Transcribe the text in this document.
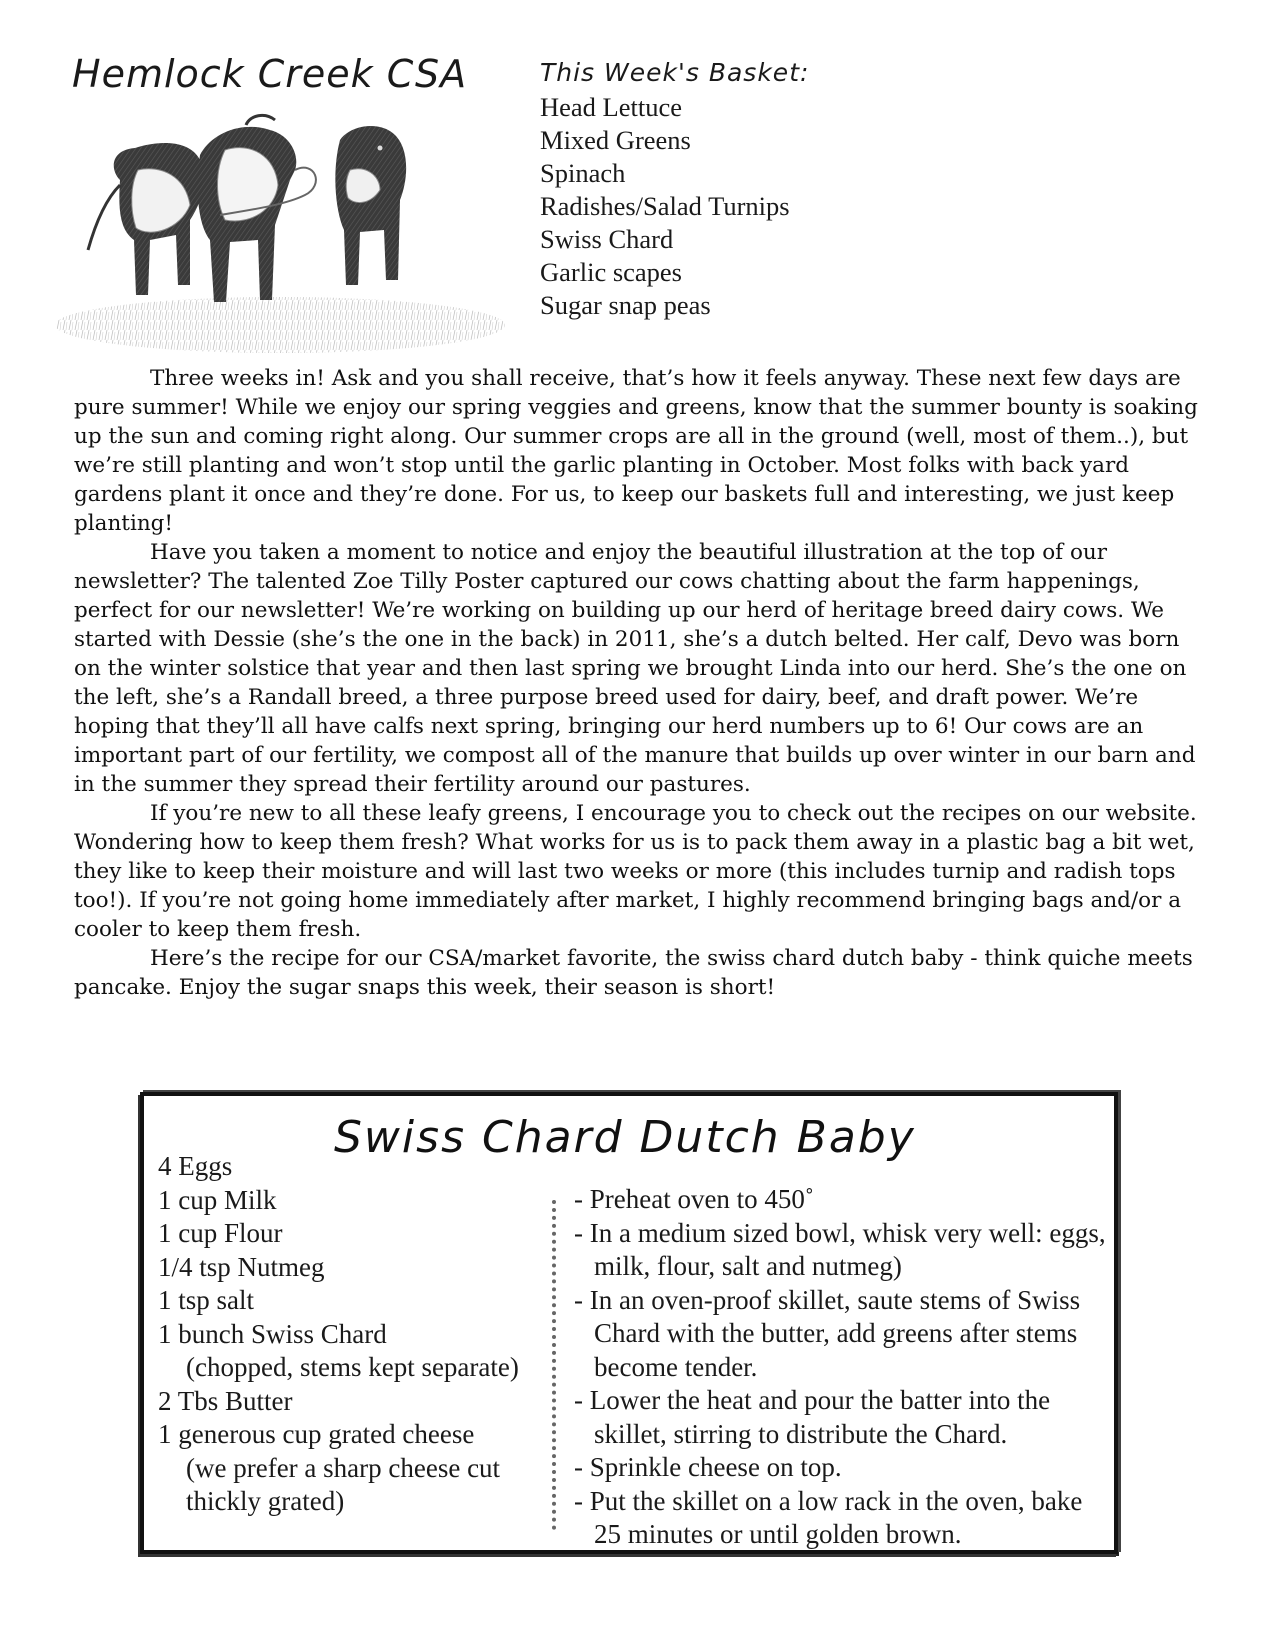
Hemlock Creek CSA	This Week's Basket:
Head Lettuce
Mixed Greens
Spinach
Radishes/Salad Turnips
Swiss Chard
Garlic scapes
Sugar snap peas

Three weeks in! Ask and you shall receive, that’s how it feels anyway. These next few days are pure summer! While we enjoy our spring veggies and greens, know that the summer bounty is soaking up the sun and coming right along. Our summer crops are all in the ground (well, most of them..), but we’re still planting and won’t stop until the garlic planting in October. Most folks with back yard gardens plant it once and they’re done. For us, to keep our baskets full and interesting, we just keep planting!

Have you taken a moment to notice and enjoy the beautiful illustration at the top of our newsletter? The talented Zoe Tilly Poster captured our cows chatting about the farm happenings, perfect for our newsletter! We’re working on building up our herd of heritage breed dairy cows. We started with Dessie (she’s the one in the back) in 2011, she’s a dutch belted. Her calf, Devo was born on the winter solstice that year and then last spring we brought Linda into our herd. She’s the one on the left, she’s a Randall breed, a three purpose breed used for dairy, beef, and draft power. We’re hoping that they’ll all have calfs next spring, bringing our herd numbers up to 6! Our cows are an important part of our fertility, we compost all of the manure that builds up over winter in our barn and in the summer they spread their fertility around our pastures.

If you’re new to all these leafy greens, I encourage you to check out the recipes on our website. Wondering how to keep them fresh? What works for us is to pack them away in a plastic bag a bit wet, they like to keep their moisture and will last two weeks or more (this includes turnip and radish tops too!). If you’re not going home immediately after market, I highly recommend bringing bags and/or a cooler to keep them fresh.

Here’s the recipe for our CSA/market favorite, the swiss chard dutch baby - think quiche meets pancake. Enjoy the sugar snaps this week, their season is short!

Swiss Chard Dutch Baby
4 Eggs
1 cup Milk
1 cup Flour
1/4 tsp Nutmeg
1 tsp salt
1 bunch Swiss Chard
(chopped, stems kept separate)
2 Tbs Butter
1 generous cup grated cheese
(we prefer a sharp cheese cut
thickly grated)
- Preheat oven to 450˚
- In a medium sized bowl, whisk very well: eggs, milk, flour, salt and nutmeg)
- In an oven-proof skillet, saute stems of Swiss Chard with the butter, add greens after stems become tender.
- Lower the heat and pour the batter into the skillet, stirring to distribute the Chard.
- Sprinkle cheese on top.
- Put the skillet on a low rack in the oven, bake 25 minutes or until golden brown.
